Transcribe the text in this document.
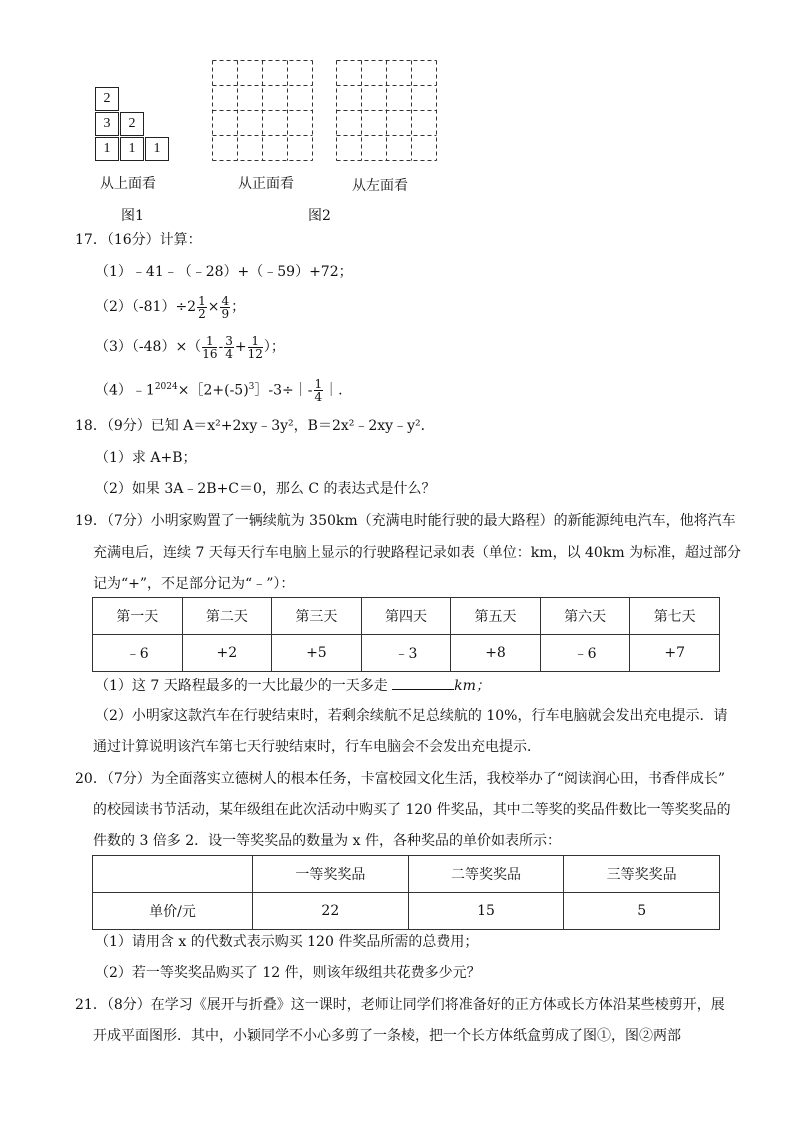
2
3	2
1	1	1
从上面看	从正面看	从左面看
图1	图2
17．（16分）计算：
（1）﹣41﹣（﹣28）+（﹣59）+72；
$(2)(-81)\div 2 \frac{1}{2} \times \frac{4}{9}$ ；
$(3)(-48)\times( \frac{1}{16} - \frac{3}{4} + \frac{1}{12}$ ）；
$(4)﹣1^{2024}\times[2+(-5)^3]-3\div|- \frac{1}{4}$ ｜.
18．（9分）已知 A＝x²+2xy﹣3y²，B＝2x²﹣2xy﹣y²．
（1）求 A+B；
（2）如果 3A﹣2B+C＝0，那么 C 的表达式是什么？
19．（7分）小明家购置了一辆续航为 350km（充满电时能行驶的最大路程）的新能源纯电汽车，他将汽车
充满电后，连续 7 天每天行车电脑上显示的行驶路程记录如表（单位：km，以 40km 为标准，超过部分
记为“+”，不足部分记为“﹣”）：
第一天	第二天	第三天	第四天	第五天	第六天	第七天
﹣6	+2	+5	﹣3	+8	﹣6	+7
（1）这 7 天路程最多的一大比最少的一天多走	km；
（2）小明家这款汽车在行驶结束时，若剩余续航不足总续航的 10%，行车电脑就会发出充电提示．请
通过计算说明该汽车第七天行驶结束时，行车电脑会不会发出充电提示．
20．（7分）为全面落实立德树人的根本任务，卡富校园文化生活，我校举办了“阅读润心田，书香伴成长”
的校园读书节活动，某年级组在此次活动中购买了 120 件奖品，其中二等奖的奖品件数比一等奖奖品的
件数的 3 倍多 2．设一等奖奖品的数量为 x 件，各种奖品的单价如表所示：
	一等奖奖品	二等奖奖品	三等奖奖品
单价/元	22	15	5
（1）请用含 x 的代数式表示购买 120 件奖品所需的总费用；
（2）若一等奖奖品购买了 12 件，则该年级组共花费多少元？
21．（8分）在学习《展开与折叠》这一课时，老师让同学们将准备好的正方体或长方体沿某些棱剪开，展
开成平面图形．其中，小颖同学不小心多剪了一条棱，把一个长方体纸盒剪成了图①，图②两部
